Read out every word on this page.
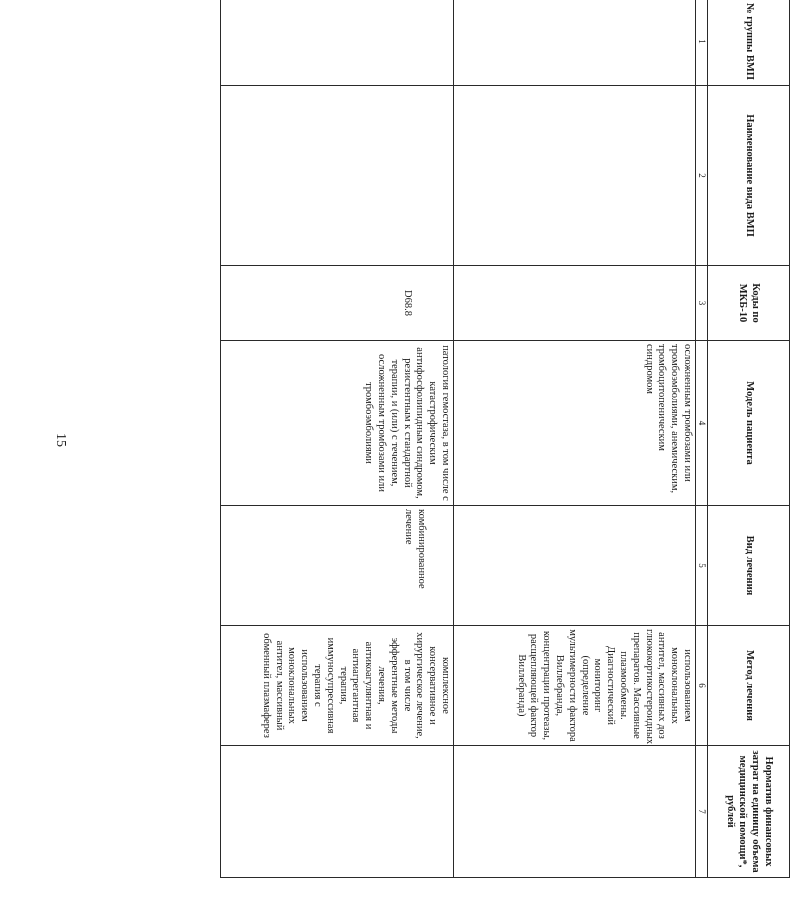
15
№ группы ВМП	Наименование вида ВМП	Коды по МКБ-10	Модель пациента	Вид лечения	Метод лечения	Норматив финансовых затрат на единицу объема медицинской помощи*, рублей
1	2	3	4	5	6	7
			осложненным тромбозами или тромбоэмболиями, анемическим, тромбоцитопеническим синдромом		использованием моноклональных антител, массивных доз глюкокортикостероидных препаратов. Массивные плазмообмены. Диагностический мониторинг (определение мультимерности фактора Виллебранда, концентрации протеазы, расщепляющей фактор Виллебранда)	
		D68.8	патология гемостаза, в том числе с катастрофическим антифосфолипидным синдромом, резистентным к стандартной терапии, и (или) с течением, осложненным тромбозами или тромбоэмболиями	комбинированное лечение	комплексное консервативное и хирургическое лечение, в том числе эфферентные методы лечения, антикоагулянтная и антиагрегантная терапия, иммуносупрессивная терапия с использованием моноклональных антител, массивный обменный плазмаферез	
